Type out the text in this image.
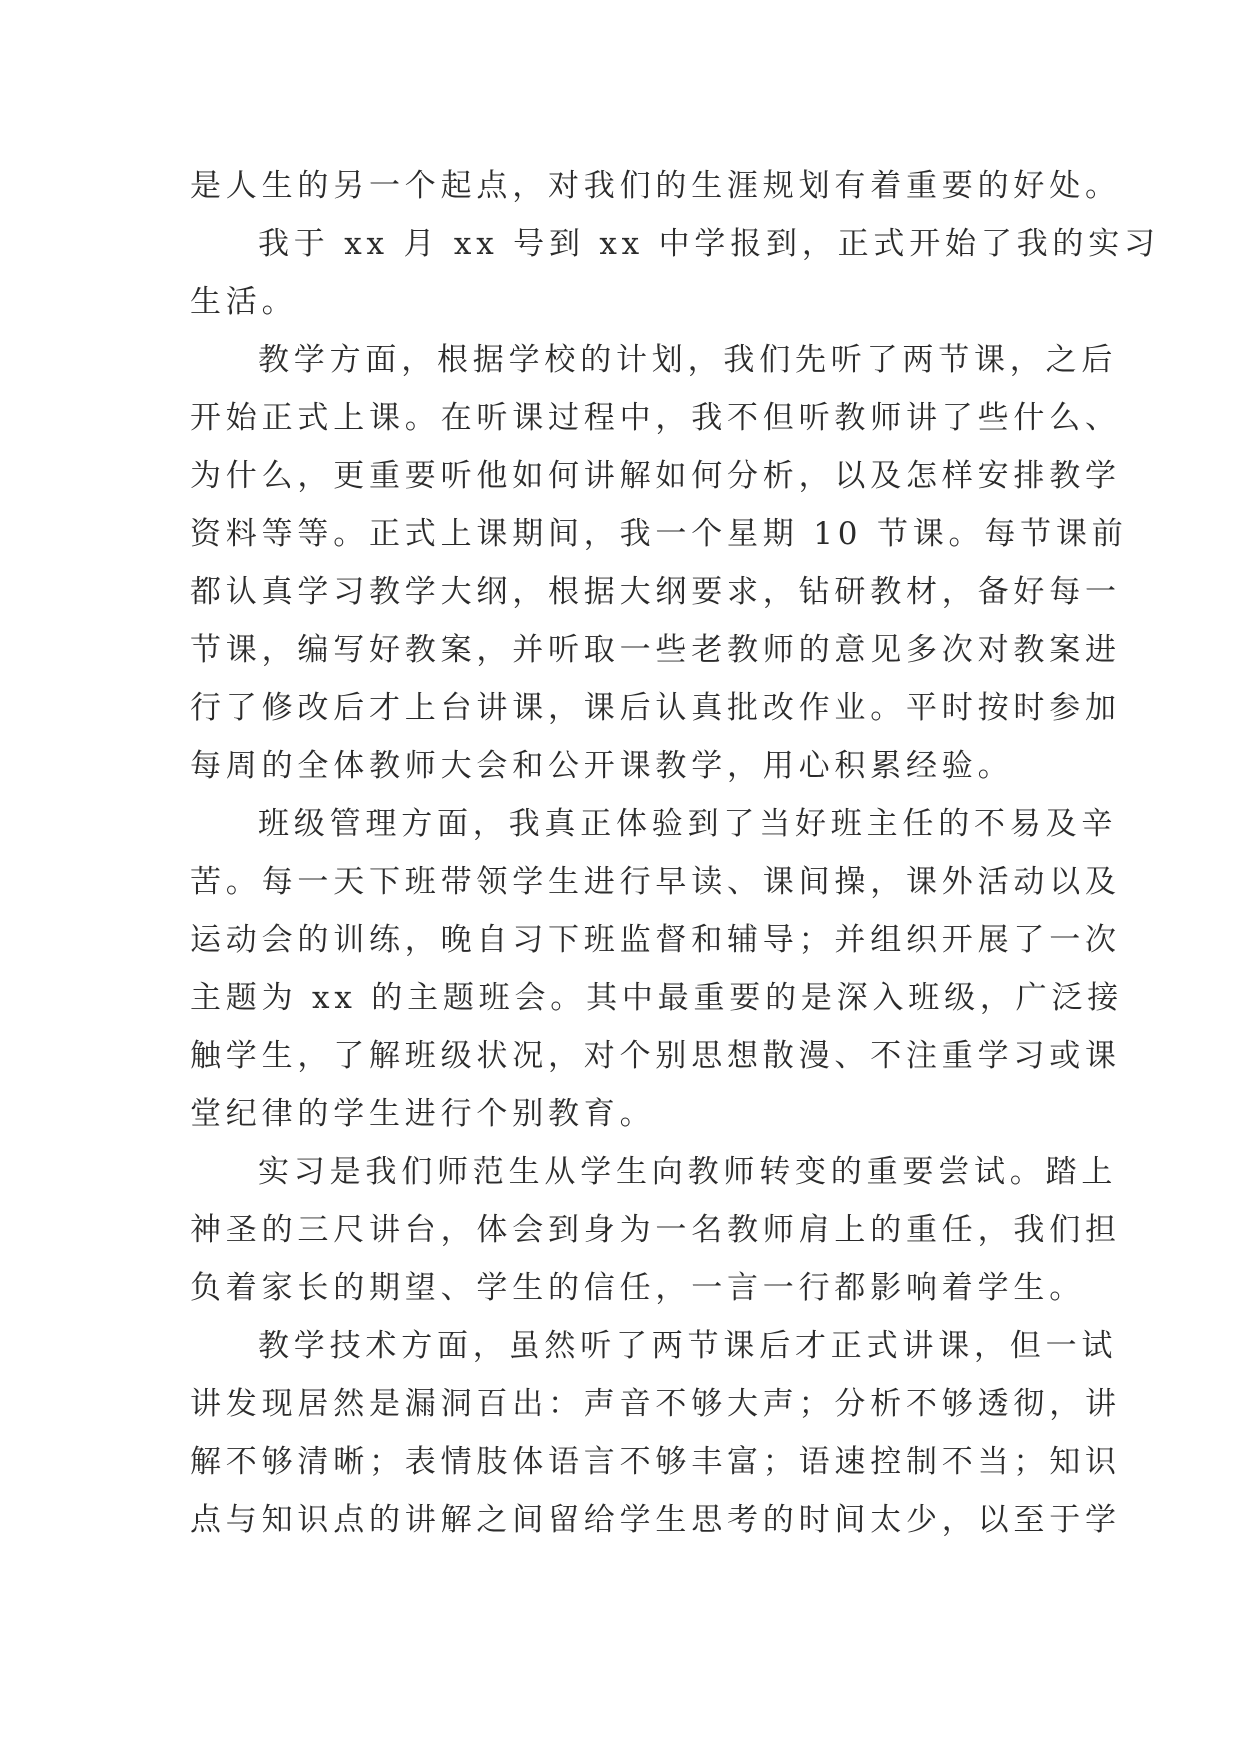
是人生的另一个起点，对我们的生涯规划有着重要的好处。
我于 xx 月 xx 号到 xx 中学报到，正式开始了我的实习
生活。
教学方面，根据学校的计划，我们先听了两节课，之后
开始正式上课。在听课过程中，我不但听教师讲了些什么、
为什么，更重要听他如何讲解如何分析，以及怎样安排教学
资料等等。正式上课期间，我一个星期 10 节课。每节课前
都认真学习教学大纲，根据大纲要求，钻研教材，备好每一
节课，编写好教案，并听取一些老教师的意见多次对教案进
行了修改后才上台讲课，课后认真批改作业。平时按时参加
每周的全体教师大会和公开课教学，用心积累经验。
班级管理方面，我真正体验到了当好班主任的不易及辛
苦。每一天下班带领学生进行早读、课间操，课外活动以及
运动会的训练，晚自习下班监督和辅导；并组织开展了一次
主题为 xx 的主题班会。其中最重要的是深入班级，广泛接
触学生，了解班级状况，对个别思想散漫、不注重学习或课
堂纪律的学生进行个别教育。
实习是我们师范生从学生向教师转变的重要尝试。踏上
神圣的三尺讲台，体会到身为一名教师肩上的重任，我们担
负着家长的期望、学生的信任，一言一行都影响着学生。
教学技术方面，虽然听了两节课后才正式讲课，但一试
讲发现居然是漏洞百出：声音不够大声；分析不够透彻，讲
解不够清晰；表情肢体语言不够丰富；语速控制不当；知识
点与知识点的讲解之间留给学生思考的时间太少，以至于学
